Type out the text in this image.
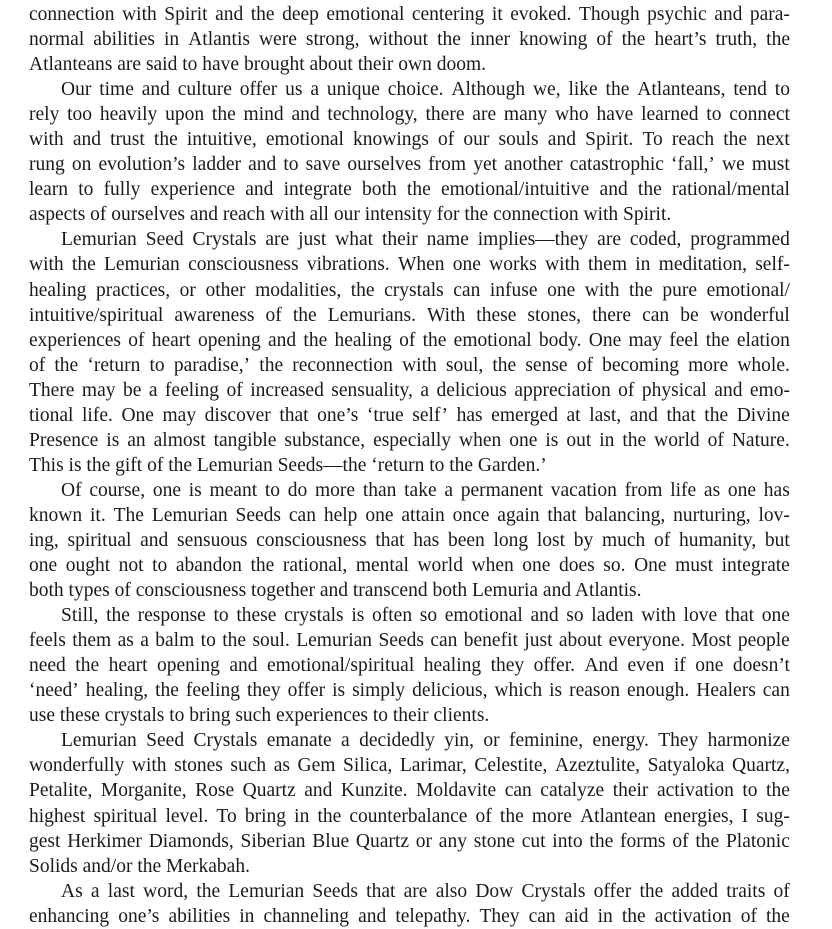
connection with Spirit and the deep emotional centering it evoked. Though psychic and para-
normal abilities in Atlantis were strong, without the inner knowing of the heart’s truth, the
Atlanteans are said to have brought about their own doom.
Our time and culture offer us a unique choice. Although we, like the Atlanteans, tend to
rely too heavily upon the mind and technology, there are many who have learned to connect
with and trust the intuitive, emotional knowings of our souls and Spirit. To reach the next
rung on evolution’s ladder and to save ourselves from yet another catastrophic ‘fall,’ we must
learn to fully experience and integrate both the emotional/intuitive and the rational/mental
aspects of ourselves and reach with all our intensity for the connection with Spirit.
Lemurian Seed Crystals are just what their name implies—they are coded, programmed
with the Lemurian consciousness vibrations. When one works with them in meditation, self-
healing practices, or other modalities, the crystals can infuse one with the pure emotional/
intuitive/spiritual awareness of the Lemurians. With these stones, there can be wonderful
experiences of heart opening and the healing of the emotional body. One may feel the elation
of the ‘return to paradise,’ the reconnection with soul, the sense of becoming more whole.
There may be a feeling of increased sensuality, a delicious appreciation of physical and emo-
tional life. One may discover that one’s ‘true self’ has emerged at last, and that the Divine
Presence is an almost tangible substance, especially when one is out in the world of Nature.
This is the gift of the Lemurian Seeds—the ‘return to the Garden.’
Of course, one is meant to do more than take a permanent vacation from life as one has
known it. The Lemurian Seeds can help one attain once again that balancing, nurturing, lov-
ing, spiritual and sensuous consciousness that has been long lost by much of humanity, but
one ought not to abandon the rational, mental world when one does so. One must integrate
both types of consciousness together and transcend both Lemuria and Atlantis.
Still, the response to these crystals is often so emotional and so laden with love that one
feels them as a balm to the soul. Lemurian Seeds can benefit just about everyone. Most people
need the heart opening and emotional/spiritual healing they offer. And even if one doesn’t
‘need’ healing, the feeling they offer is simply delicious, which is reason enough. Healers can
use these crystals to bring such experiences to their clients.
Lemurian Seed Crystals emanate a decidedly yin, or feminine, energy. They harmonize
wonderfully with stones such as Gem Silica, Larimar, Celestite, Azeztulite, Satyaloka Quartz,
Petalite, Morganite, Rose Quartz and Kunzite. Moldavite can catalyze their activation to the
highest spiritual level. To bring in the counterbalance of the more Atlantean energies, I sug-
gest Herkimer Diamonds, Siberian Blue Quartz or any stone cut into the forms of the Platonic
Solids and/or the Merkabah.
As a last word, the Lemurian Seeds that are also Dow Crystals offer the added traits of
enhancing one’s abilities in channeling and telepathy. They can aid in the activation of the
